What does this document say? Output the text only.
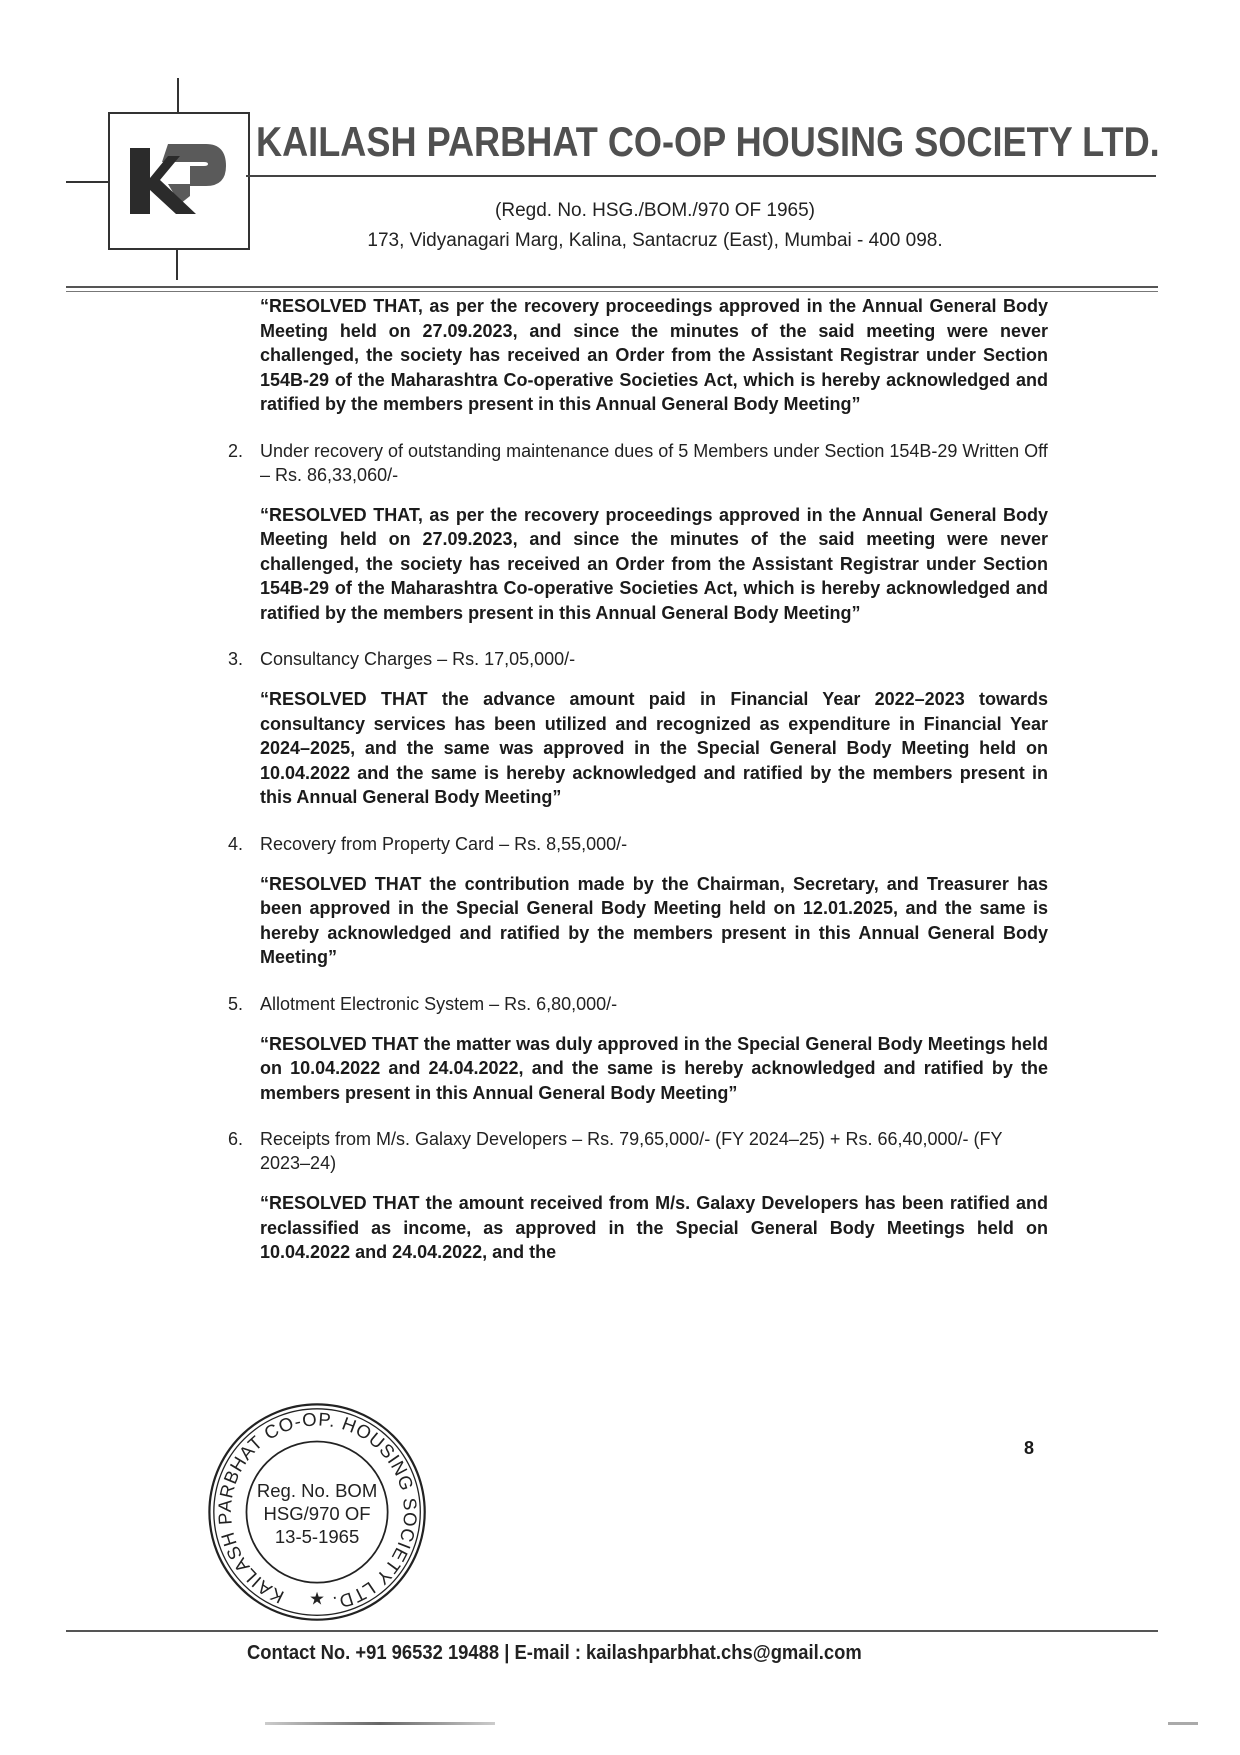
KAILASH PARBHAT CO-OP HOUSING SOCIETY LTD.
(Regd. No. HSG./BOM./970 OF 1965)
173, Vidyanagari Marg, Kalina, Santacruz (East), Mumbai - 400 098.

“RESOLVED THAT, as per the recovery proceedings approved in the Annual General Body Meeting held on 27.09.2023, and since the minutes of the said meeting were never challenged, the society has received an Order from the Assistant Registrar under Section 154B-29 of the Maharashtra Co-operative Societies Act, which is hereby acknowledged and ratified by the members present in this Annual General Body Meeting”

2. Under recovery of outstanding maintenance dues of 5 Members under Section 154B-29 Written Off – Rs. 86,33,060/-

“RESOLVED THAT, as per the recovery proceedings approved in the Annual General Body Meeting held on 27.09.2023, and since the minutes of the said meeting were never challenged, the society has received an Order from the Assistant Registrar under Section 154B-29 of the Maharashtra Co-operative Societies Act, which is hereby acknowledged and ratified by the members present in this Annual General Body Meeting”

3. Consultancy Charges – Rs. 17,05,000/-

“RESOLVED THAT the advance amount paid in Financial Year 2022–2023 towards consultancy services has been utilized and recognized as expenditure in Financial Year 2024–2025, and the same was approved in the Special General Body Meeting held on 10.04.2022 and the same is hereby acknowledged and ratified by the members present in this Annual General Body Meeting”

4. Recovery from Property Card – Rs. 8,55,000/-

“RESOLVED THAT the contribution made by the Chairman, Secretary, and Treasurer has been approved in the Special General Body Meeting held on 12.01.2025, and the same is hereby acknowledged and ratified by the members present in this Annual General Body Meeting”

5. Allotment Electronic System – Rs. 6,80,000/-

“RESOLVED THAT the matter was duly approved in the Special General Body Meetings held on 10.04.2022 and 24.04.2022, and the same is hereby acknowledged and ratified by the members present in this Annual General Body Meeting”

6. Receipts from M/s. Galaxy Developers – Rs. 79,65,000/- (FY 2024–25) + Rs. 66,40,000/- (FY 2023–24)

“RESOLVED THAT the amount received from M/s. Galaxy Developers has been ratified and reclassified as income, as approved in the Special General Body Meetings held on 10.04.2022 and 24.04.2022, and the

8
KAILASH PARBHAT CO-OP. HOUSING SOCIETY LTD.
Reg. No. BOM
HSG/970 OF
13-5-1965
★
Contact No. +91 96532 19488 | E-mail : kailashparbhat.chs@gmail.com
